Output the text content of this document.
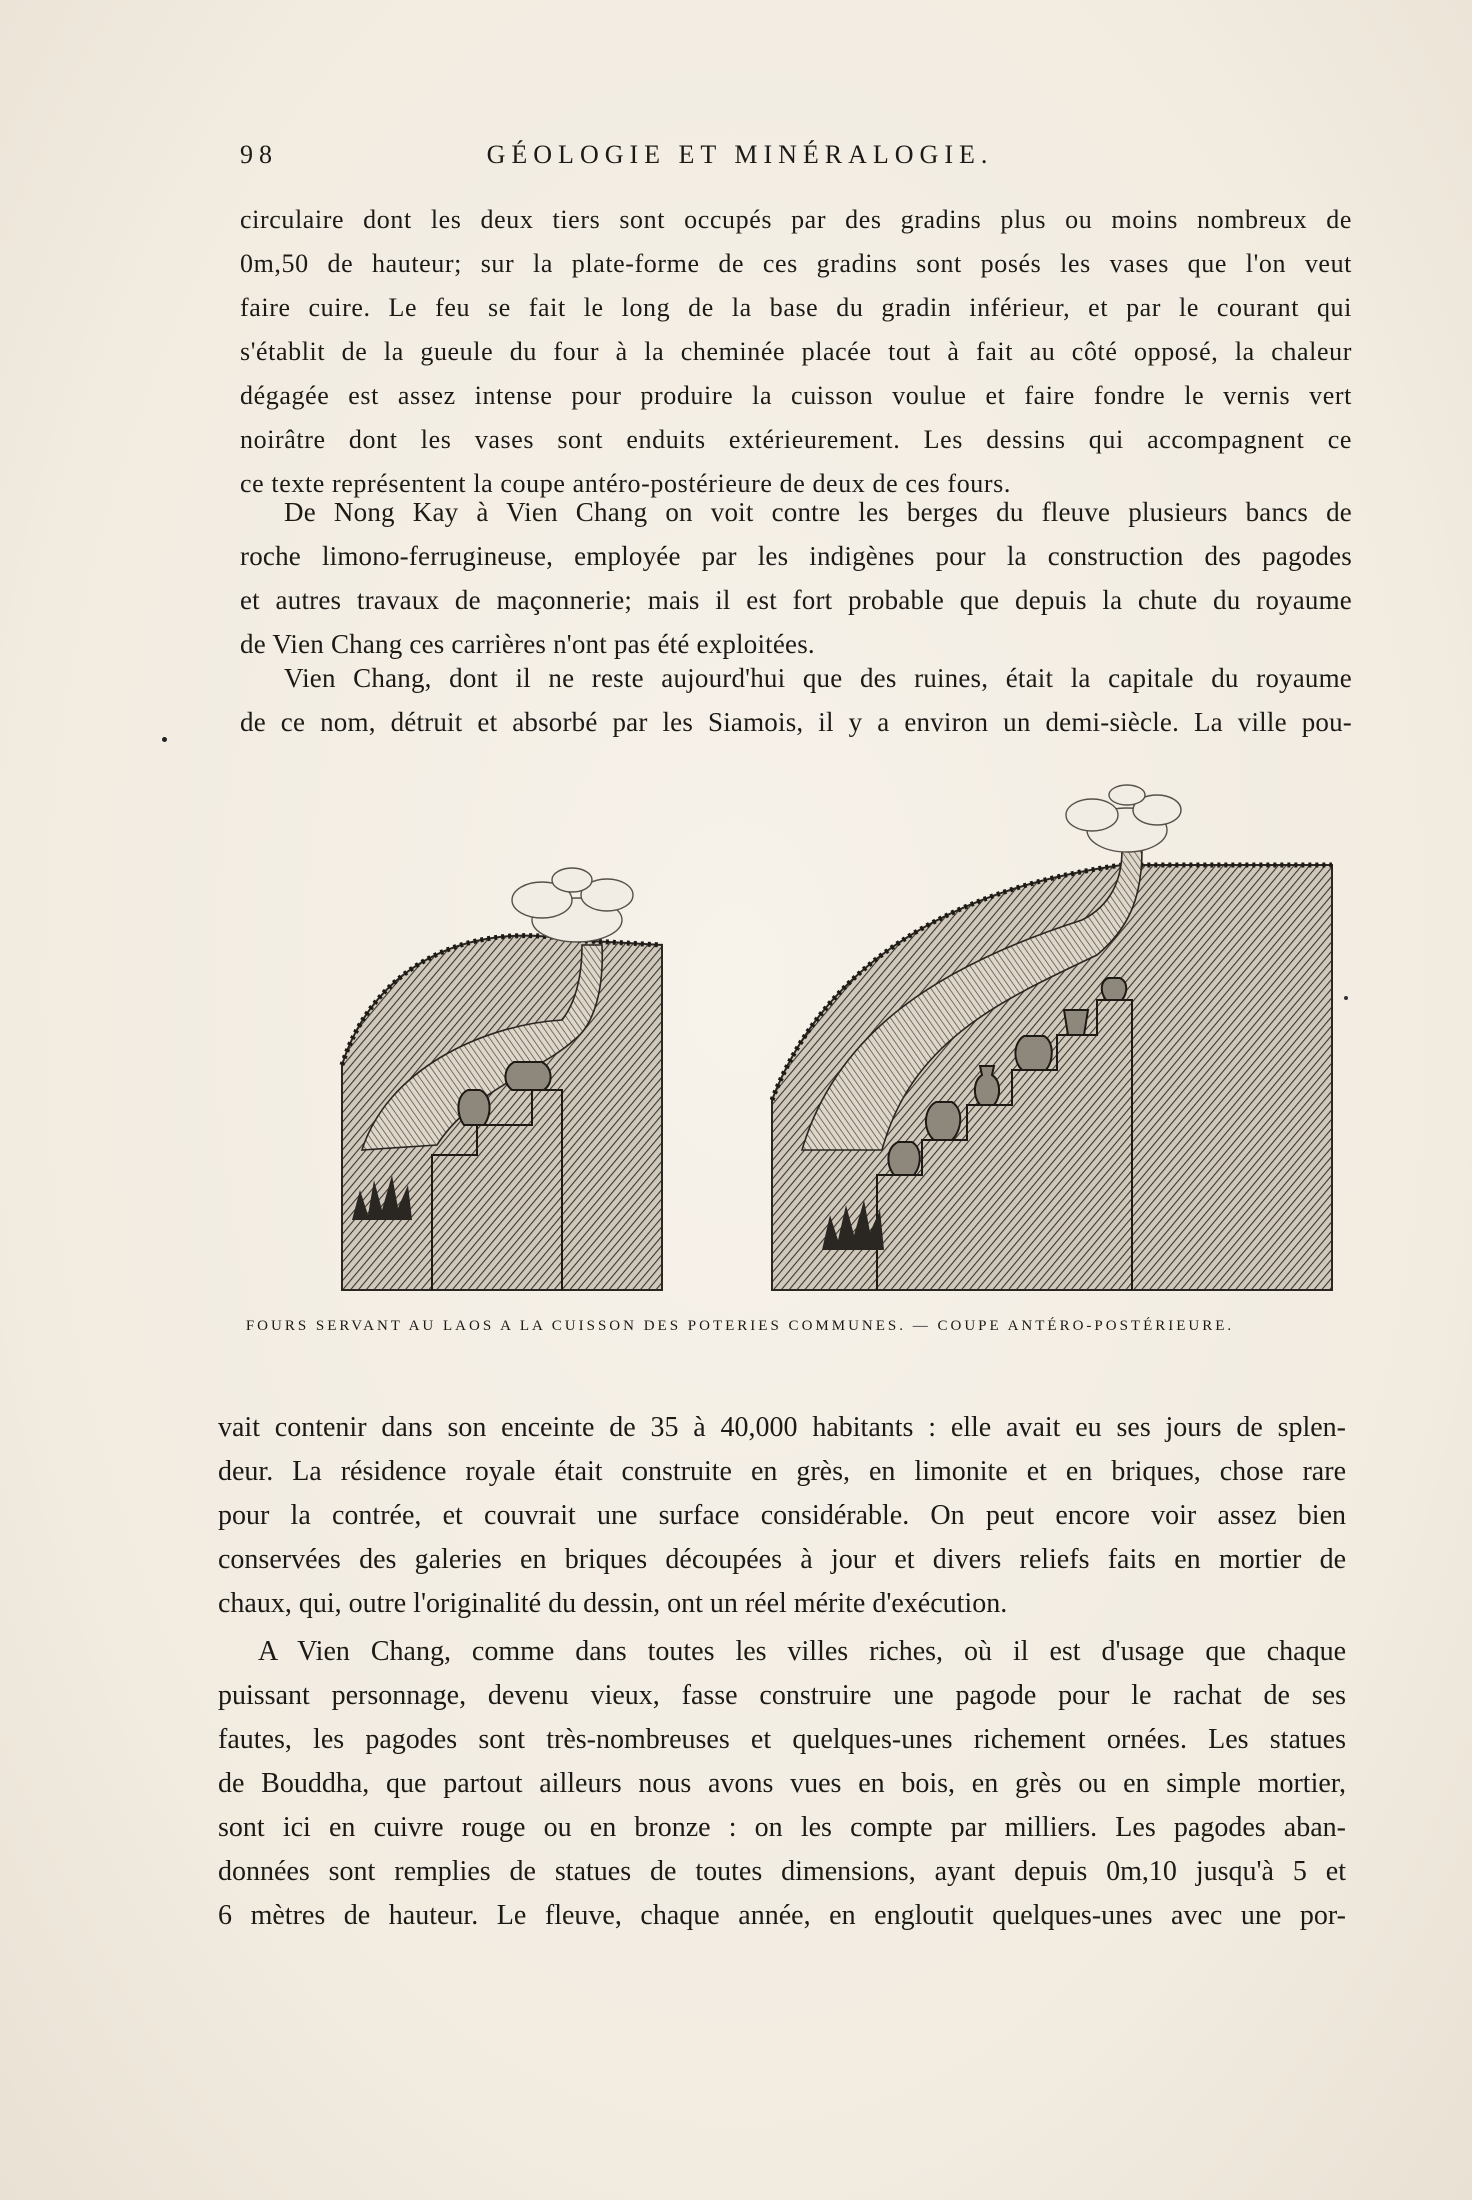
98	GÉOLOGIE ET MINÉRALOGIE.
circulaire dont les deux tiers sont occupés par des gradins plus ou moins nombreux de
0m,50 de hauteur; sur la plate-forme de ces gradins sont posés les vases que l'on veut
faire cuire. Le feu se fait le long de la base du gradin inférieur, et par le courant qui
s'établit de la gueule du four à la cheminée placée tout à fait au côté opposé, la chaleur
dégagée est assez intense pour produire la cuisson voulue et faire fondre le vernis vert
noirâtre dont les vases sont enduits extérieurement. Les dessins qui accompagnent ce
ce texte représentent la coupe antéro-postérieure de deux de ces fours.
De Nong Kay à Vien Chang on voit contre les berges du fleuve plusieurs bancs de
roche limono-ferrugineuse, employée par les indigènes pour la construction des pagodes
et autres travaux de maçonnerie; mais il est fort probable que depuis la chute du royaume
de Vien Chang ces carrières n'ont pas été exploitées.
Vien Chang, dont il ne reste aujourd'hui que des ruines, était la capitale du royaume
de ce nom, détruit et absorbé par les Siamois, il y a environ un demi-siècle. La ville pou-
FOURS SERVANT AU LAOS A LA CUISSON DES POTERIES COMMUNES. — COUPE ANTÉRO-POSTÉRIEURE.
vait contenir dans son enceinte de 35 à 40,000 habitants : elle avait eu ses jours de splen-
deur. La résidence royale était construite en grès, en limonite et en briques, chose rare
pour la contrée, et couvrait une surface considérable. On peut encore voir assez bien
conservées des galeries en briques découpées à jour et divers reliefs faits en mortier de
chaux, qui, outre l'originalité du dessin, ont un réel mérite d'exécution.
A Vien Chang, comme dans toutes les villes riches, où il est d'usage que chaque
puissant personnage, devenu vieux, fasse construire une pagode pour le rachat de ses
fautes, les pagodes sont très-nombreuses et quelques-unes richement ornées. Les statues
de Bouddha, que partout ailleurs nous avons vues en bois, en grès ou en simple mortier,
sont ici en cuivre rouge ou en bronze : on les compte par milliers. Les pagodes aban-
données sont remplies de statues de toutes dimensions, ayant depuis 0m,10 jusqu'à 5 et
6 mètres de hauteur. Le fleuve, chaque année, en engloutit quelques-unes avec une por-
